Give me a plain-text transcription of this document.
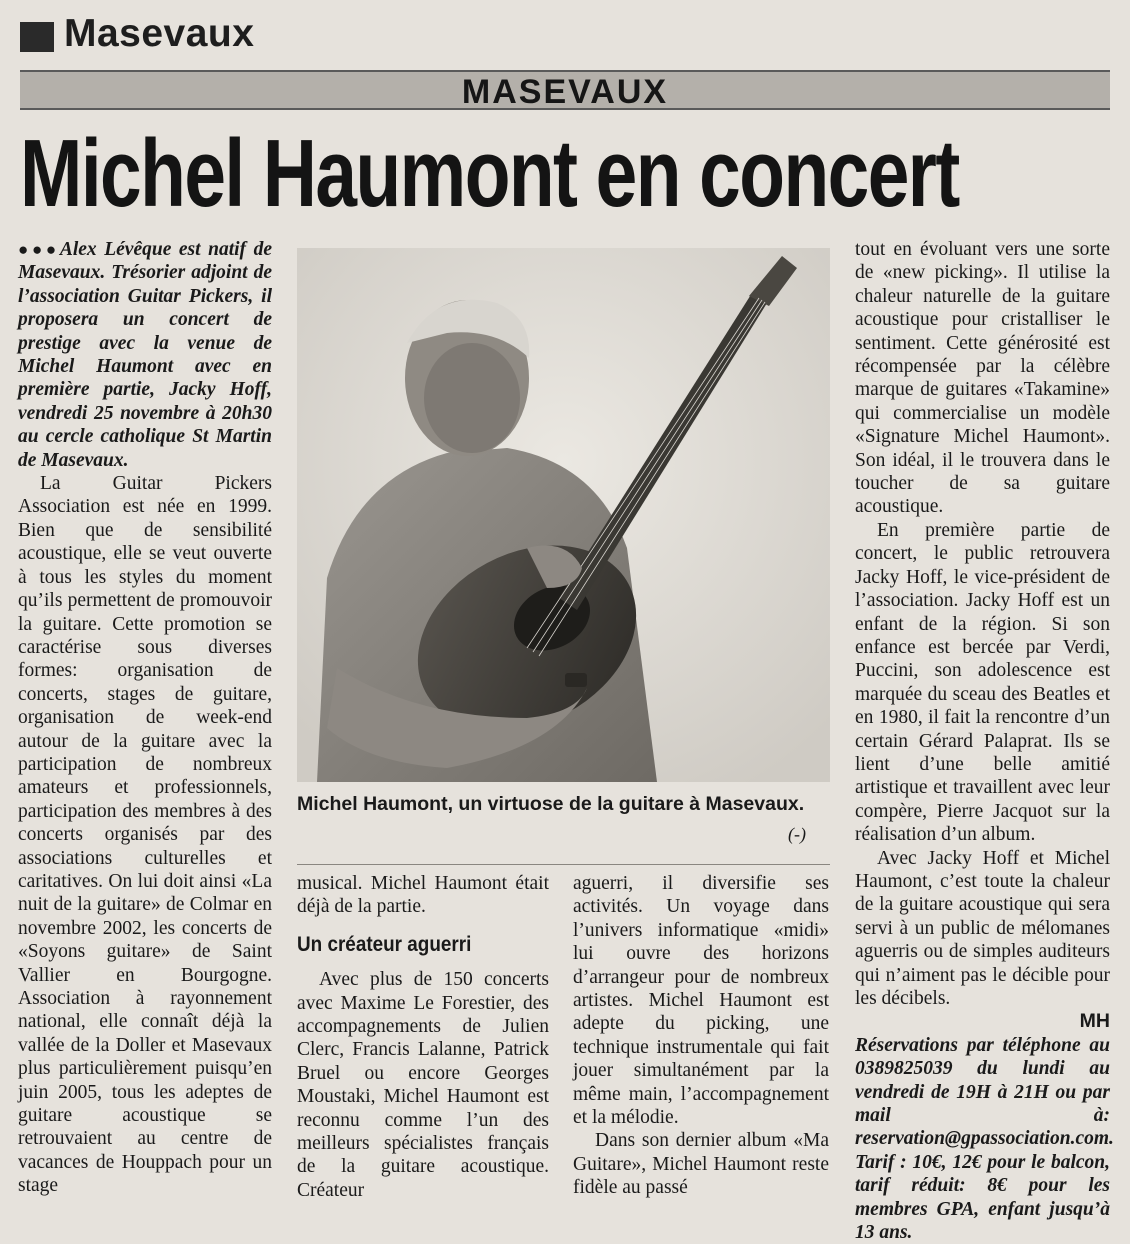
Masevaux
MASEVAUX
Michel Haumont en concert

●●●Alex Lévêque est natif de Masevaux. Trésorier adjoint de l’association Guitar Pickers, il proposera un concert de prestige avec la venue de Michel Haumont avec en première partie, Jacky Hoff, vendredi 25 novembre à 20h30 au cercle catholique St Martin de Masevaux.

La Guitar Pickers Association est née en 1999. Bien que de sensibilité acoustique, elle se veut ouverte à tous les styles du moment qu’ils permettent de promouvoir la guitare. Cette promotion se caractérise sous diverses formes: organisation de concerts, stages de guitare, organisation de week-end autour de la guitare avec la participation de nombreux amateurs et professionnels, participation des membres à des concerts organisés par des associations culturelles et caritatives. On lui doit ainsi «La nuit de la guitare» de Colmar en novembre 2002, les concerts de «Soyons guitare» de Saint Vallier en Bourgogne. Association à rayonnement national, elle connaît déjà la vallée de la Doller et Masevaux plus particulièrement puisqu’en juin 2005, tous les adeptes de guitare acoustique se retrouvaient au centre de vacances de Houppach pour un stage

Michel Haumont, un virtuose de la guitare à Masevaux.
(-)

musical. Michel Haumont était déjà de la partie.

Un créateur aguerri

Avec plus de 150 concerts avec Maxime Le Forestier, des accompagnements de Julien Clerc, Francis Lalanne, Patrick Bruel ou encore Georges Moustaki, Michel Haumont est reconnu comme l’un des meilleurs spécialistes français de la guitare acoustique. Créateur

aguerri, il diversifie ses activités. Un voyage dans l’univers informatique «midi» lui ouvre des horizons d’arrangeur pour de nombreux artistes. Michel Haumont est adepte du picking, une technique instrumentale qui fait jouer simultanément par la même main, l’accompagnement et la mélodie.

Dans son dernier album «Ma Guitare», Michel Haumont reste fidèle au passé

tout en évoluant vers une sorte de «new picking». Il utilise la chaleur naturelle de la guitare acoustique pour cristalliser le sentiment. Cette générosité est récompensée par la célèbre marque de guitares «Takamine» qui commercialise un modèle «Signature Michel Haumont». Son idéal, il le trouvera dans le toucher de sa guitare acoustique.

En première partie de concert, le public retrouvera Jacky Hoff, le vice-président de l’association. Jacky Hoff est un enfant de la région. Si son enfance est bercée par Verdi, Puccini, son adolescence est marquée du sceau des Beatles et en 1980, il fait la rencontre d’un certain Gérard Palaprat. Ils se lient d’une belle amitié artistique et travaillent avec leur compère, Pierre Jacquot sur la réalisation d’un album.

Avec Jacky Hoff et Michel Haumont, c’est toute la chaleur de la guitare acoustique qui sera servi à un public de mélomanes aguerris ou de simples auditeurs qui n’aiment pas le décible pour les décibels.

MH

Réservations par téléphone au 0389825039 du lundi au vendredi de 19H à 21H ou par mail à: reservation@gpassociation.com. Tarif : 10€, 12€ pour le balcon, tarif réduit: 8€ pour les membres GPA, enfant jusqu’à 13 ans.
